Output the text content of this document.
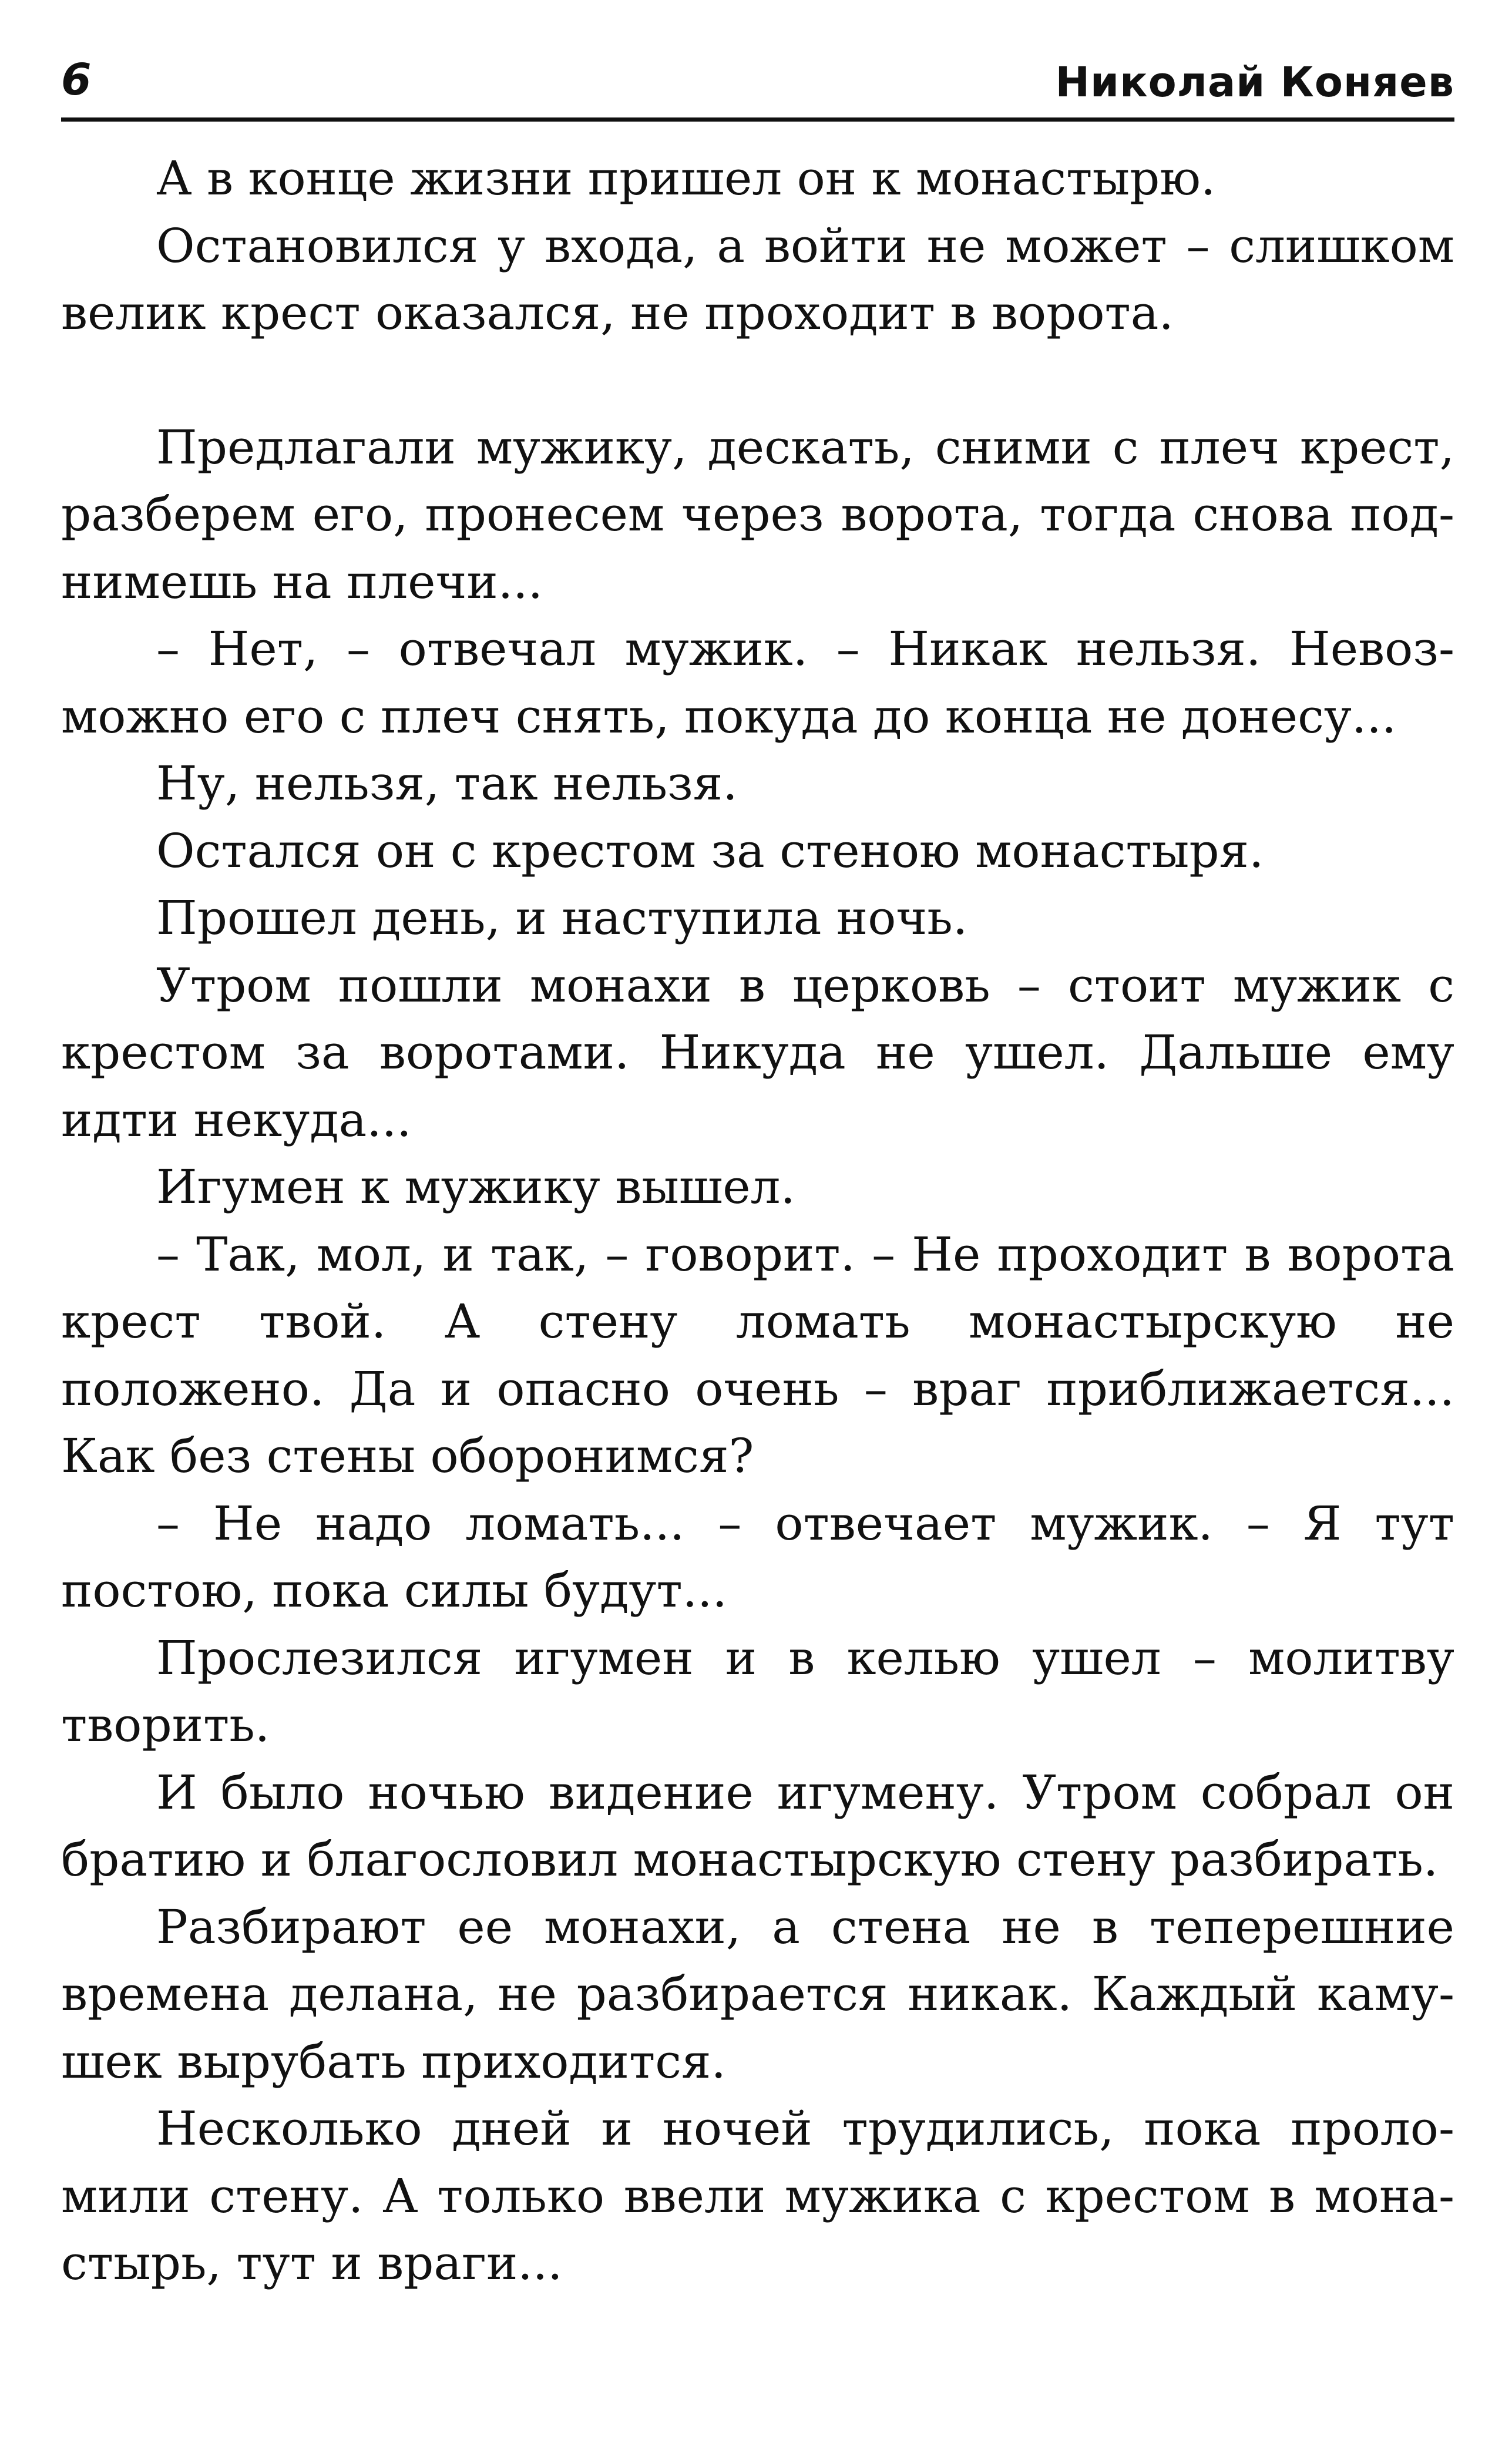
6	Николай Коняев

А в конце жизни пришел он к монастырю.

Остановился у входа, а войти не может – слишком велик крест оказался, не проходит в ворота.

Предлагали мужику, дескать, сними с плеч крест, разберем его, пронесем через ворота, тогда снова поднимешь на плечи...

– Нет, – отвечал мужик. – Никак нельзя. Невозможно его с плеч снять, покуда до конца не донесу...

Ну, нельзя, так нельзя.

Остался он с крестом за стеною монастыря.

Прошел день, и наступила ночь.

Утром пошли монахи в церковь – стоит мужик с крестом за воротами. Никуда не ушел. Дальше ему идти некуда...

Игумен к мужику вышел.

– Так, мол, и так, – говорит. – Не проходит в ворота крест твой. А стену ломать монастырскую не положено. Да и опасно очень – враг приближается... Как без стены оборонимся?

– Не надо ломать... – отвечает мужик. – Я тут постою, пока силы будут...

Прослезился игумен и в келью ушел – молитву творить.

И было ночью видение игумену. Утром собрал он братию и благословил монастырскую стену разбирать.

Разбирают ее монахи, а стена не в теперешние времена делана, не разбирается никак. Каждый камушек вырубать приходится.

Несколько дней и ночей трудились, пока проломили стену. А только ввели мужика с крестом в монастырь, тут и враги...
